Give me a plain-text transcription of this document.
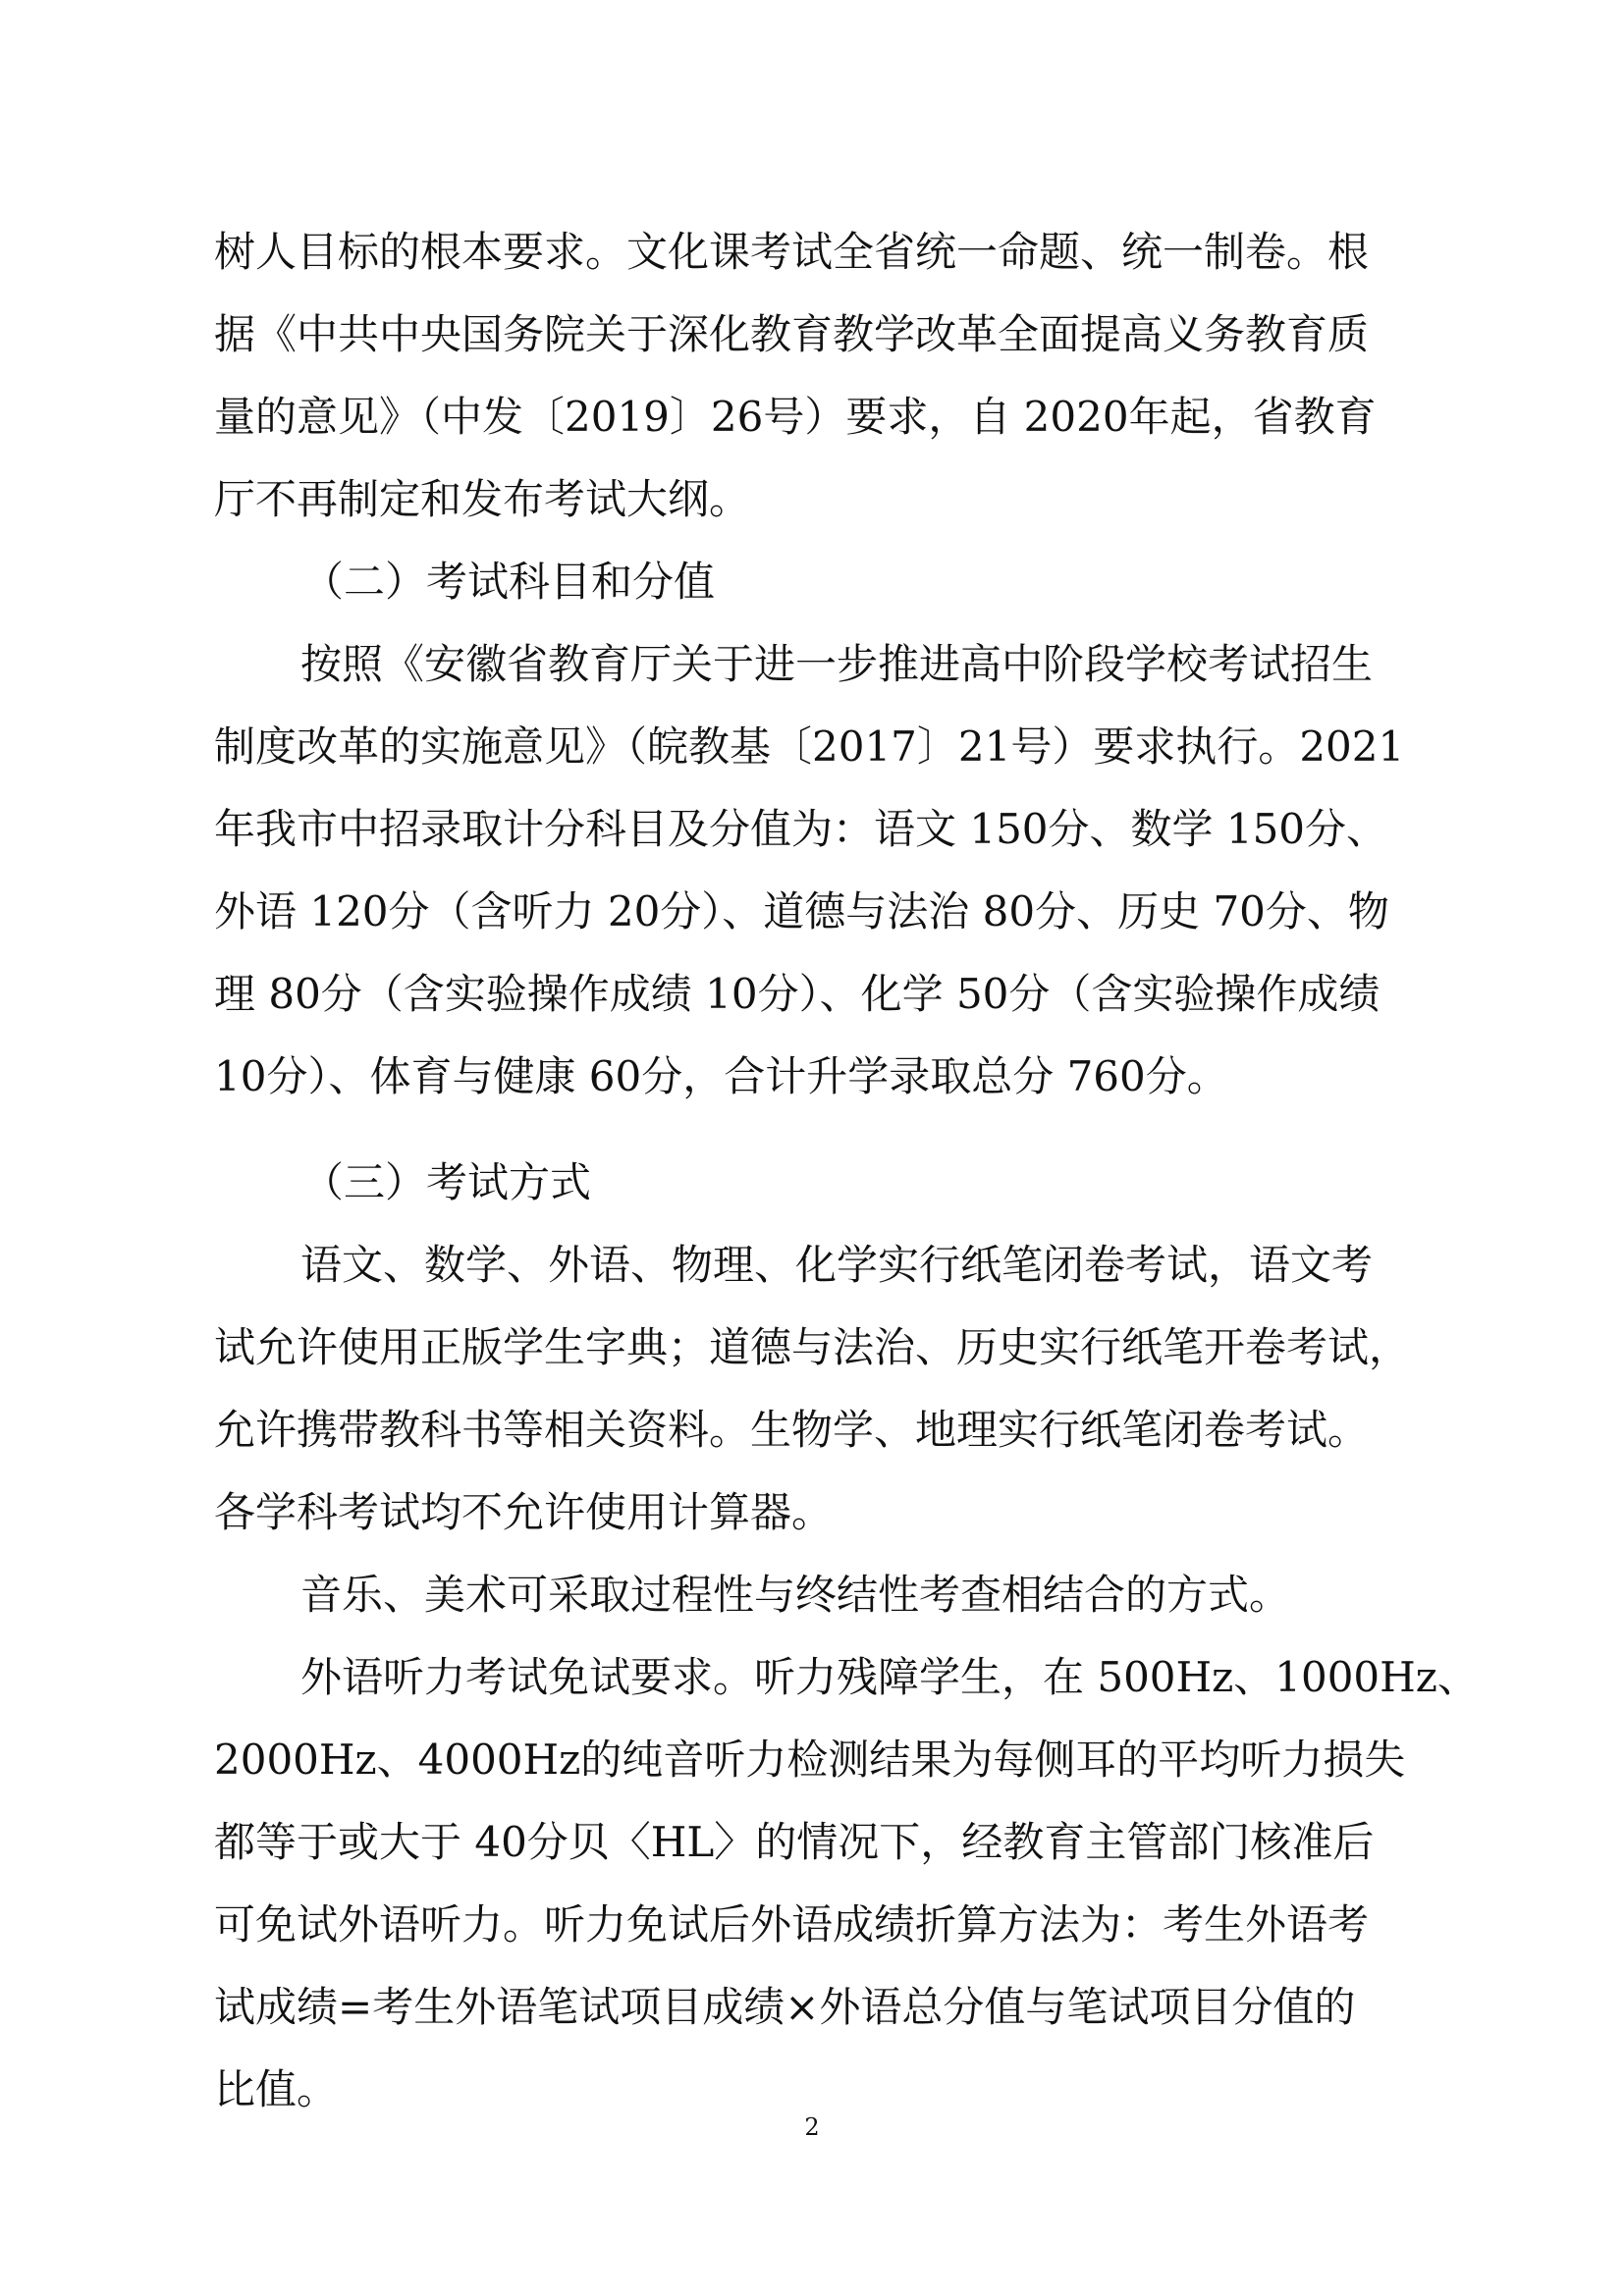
树人目标的根本要求。文化课考试全省统一命题、统一制卷。根
据《中共中央国务院关于深化教育教学改革全面提高义务教育质
量的意见》（中发〔2019〕26号）要求，自 2020年起，省教育
厅不再制定和发布考试大纲。
（二）考试科目和分值
按照《安徽省教育厅关于进一步推进高中阶段学校考试招生
制度改革的实施意见》（皖教基〔2017〕21号）要求执行。2021
年我市中招录取计分科目及分值为：语文 150分、数学 150分、
外语 120分（含听力 20分）、道德与法治 80分、历史 70分、物
理 80分（含实验操作成绩 10分）、化学 50分（含实验操作成绩
10分）、体育与健康 60分，合计升学录取总分 760分。
（三）考试方式
语文、数学、外语、物理、化学实行纸笔闭卷考试，语文考
试允许使用正版学生字典；道德与法治、历史实行纸笔开卷考试，
允许携带教科书等相关资料。生物学、地理实行纸笔闭卷考试。
各学科考试均不允许使用计算器。
音乐、美术可采取过程性与终结性考查相结合的方式。
外语听力考试免试要求。听力残障学生，在 500Hz、1000Hz、
2000Hz、4000Hz的纯音听力检测结果为每侧耳的平均听力损失
都等于或大于 40分贝〈HL〉的情况下，经教育主管部门核准后
可免试外语听力。听力免试后外语成绩折算方法为：考生外语考
试成绩=考生外语笔试项目成绩×外语总分值与笔试项目分值的
比值。
2
